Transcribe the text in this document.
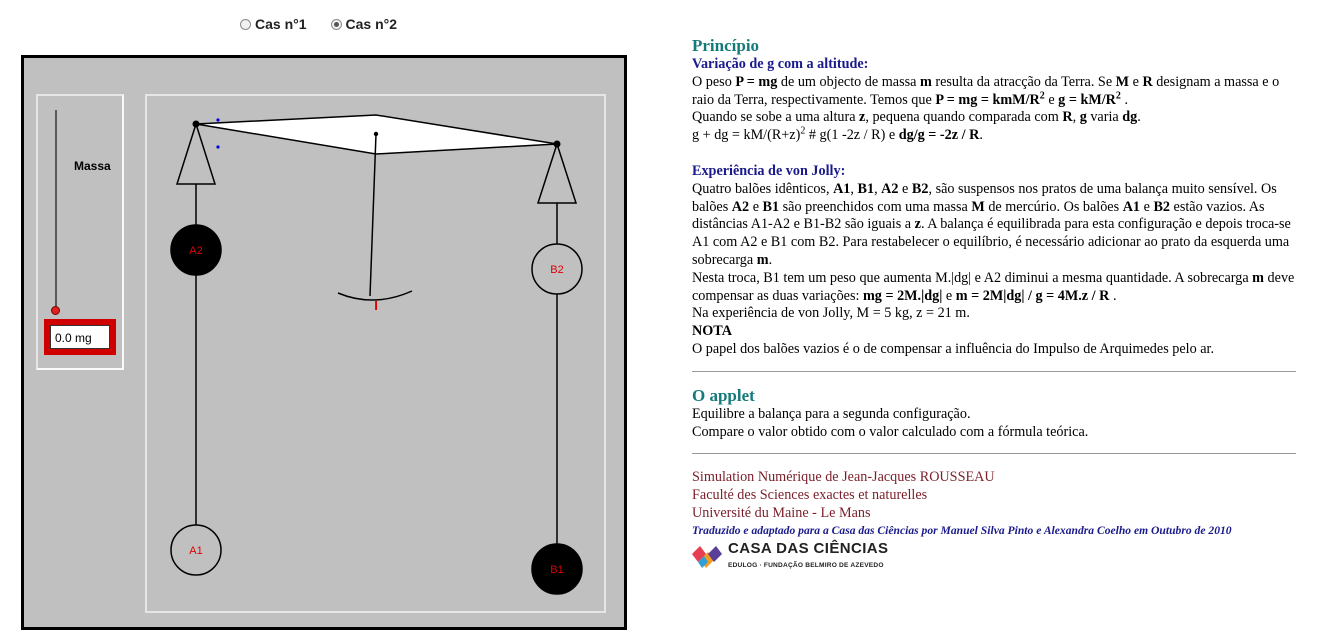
Cas n°1	Cas n°2
Massa
0.0 mg
I
A2
B2
A1
B1
Princípio
Variação de g com a altitude:

O peso P = mg de um objecto de massa m resulta da atracção da Terra. Se M e R designam a massa e o raio da Terra, respectivamente. Temos que P = mg = kmM/$R^2$ e $g = kM/R^2$ .
Quando se sobe a uma altura z, pequena quando comparada com R, g varia dg.
g + dg = $kM/(R+z)^2$ # g(1 -2z / R) e dg/g = -2z / R.

Experiência de von Jolly:

Quatro balões idênticos, A1, B1, A2 e B2, são suspensos nos pratos de uma balança muito sensível. Os balões A2 e B1 são preenchidos com uma massa M de mercúrio. Os balões A1 e B2 estão vazios. As distâncias A1-A2 e B1-B2 são iguais a z. A balança é equilibrada para esta configuração e depois troca-se A1 com A2 e B1 com B2. Para restabelecer o equilíbrio, é necessário adicionar ao prato da esquerda uma sobrecarga m.
Nesta troca, B1 tem um peso que aumenta M.|dg| e A2 diminui a mesma quantidade. A sobrecarga m deve compensar as duas variações: mg = 2M.|dg| e m = 2M|dg| / g = 4M.z / R .

Na experiência de von Jolly, M = 5 kg, z = 21 m.
NOTA
O papel dos balões vazios é o de compensar a influência do Impulso de Arquimedes pelo ar.
O applet
Equilibre a balança para a segunda configuração.
Compare o valor obtido com o valor calculado com a fórmula teórica.
Simulation Numérique de Jean-Jacques ROUSSEAU
Faculté des Sciences exactes et naturelles
Université du Maine - Le Mans
Traduzido e adaptado para a Casa das Ciências por Manuel Silva Pinto e Alexandra Coelho em Outubro de 2010
CASA DAS CIÊNCIAS
EDULOG · FUNDAÇÃO BELMIRO DE AZEVEDO
